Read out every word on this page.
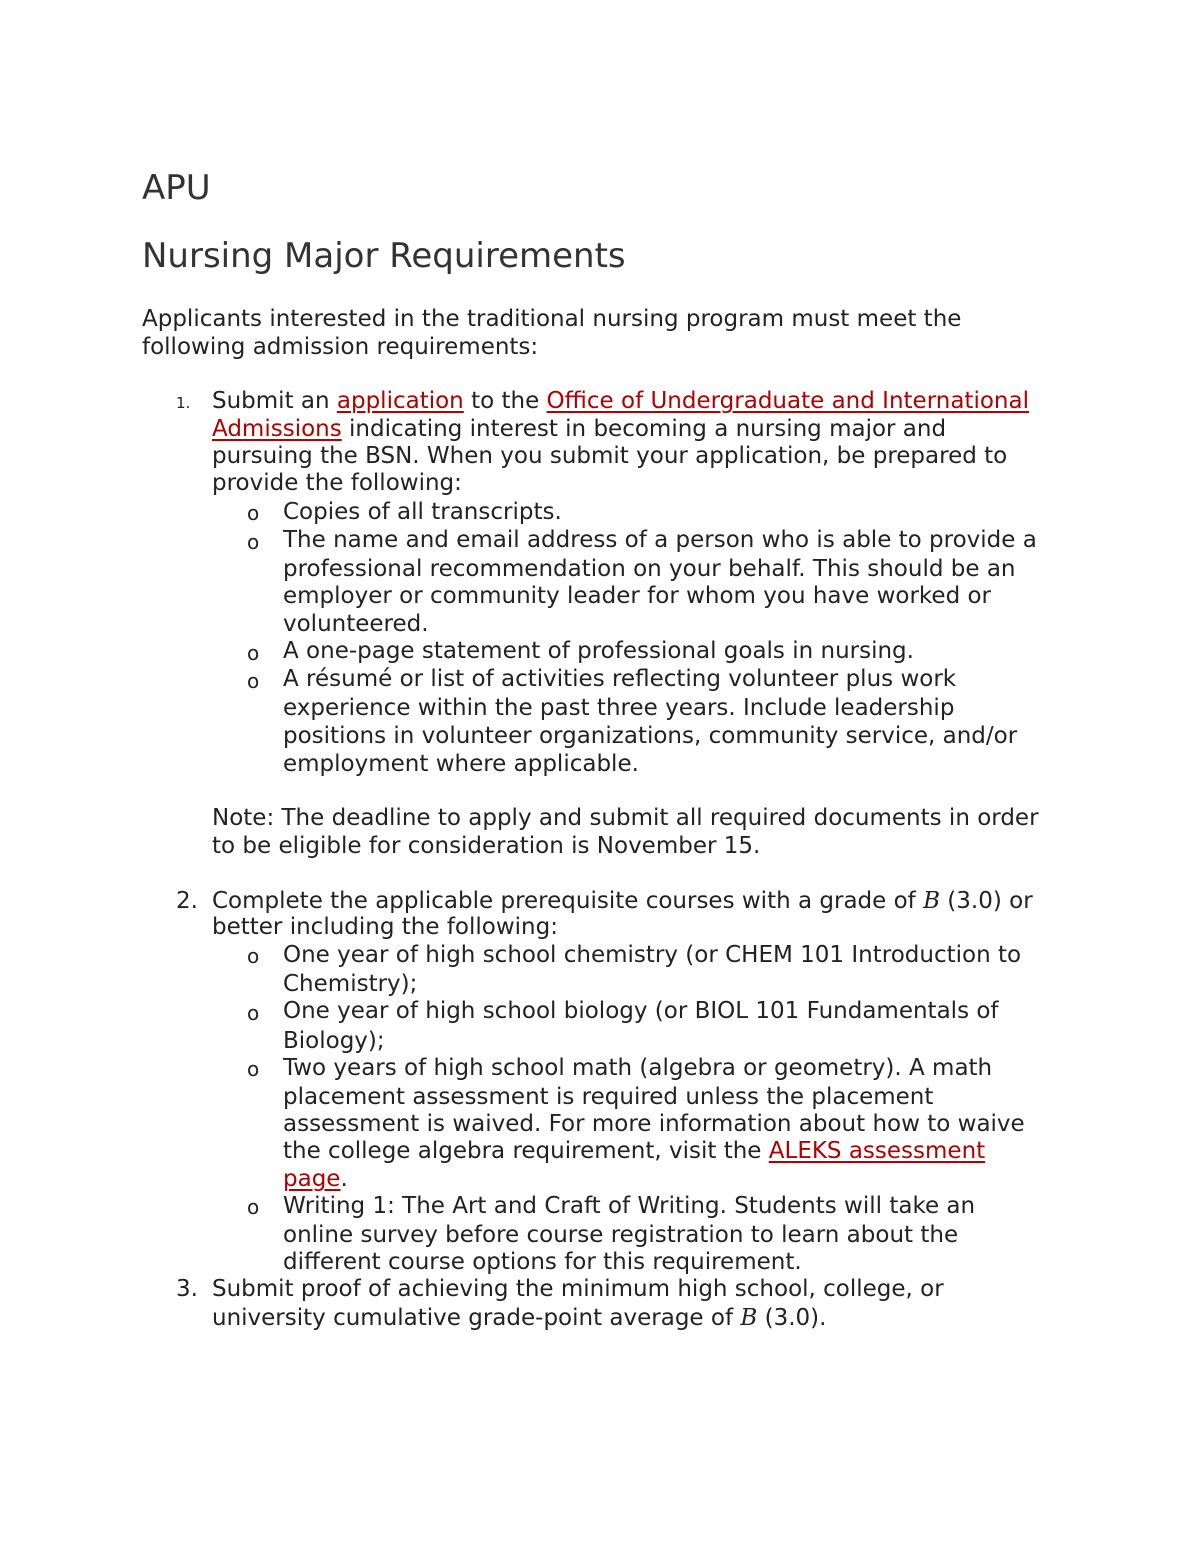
APU
Nursing Major Requirements

Applicants interested in the traditional nursing program must meet the following admission requirements:

1. Submit an application to the Office of Undergraduate and International
Admissions indicating interest in becoming a nursing major and
pursuing the BSN. When you submit your application, be prepared to
provide the following:
o Copies of all transcripts.
o The name and email address of a person who is able to provide a
professional recommendation on your behalf. This should be an
employer or community leader for whom you have worked or
volunteered.
o A one-page statement of professional goals in nursing.
o A résumé or list of activities reflecting volunteer plus work
experience within the past three years. Include leadership
positions in volunteer organizations, community service, and/or
employment where applicable.
Note: The deadline to apply and submit all required documents in order
to be eligible for consideration is November 15.
2. Complete the applicable prerequisite courses with a grade of B (3.0) or
better including the following:
o One year of high school chemistry (or CHEM 101 Introduction to
Chemistry);
o One year of high school biology (or BIOL 101 Fundamentals of
Biology);
o Two years of high school math (algebra or geometry). A math
placement assessment is required unless the placement
assessment is waived. For more information about how to waive
the college algebra requirement, visit the ALEKS assessment
page.
o Writing 1: The Art and Craft of Writing. Students will take an
online survey before course registration to learn about the
different course options for this requirement.
3. Submit proof of achieving the minimum high school, college, or
university cumulative grade-point average of B (3.0).
